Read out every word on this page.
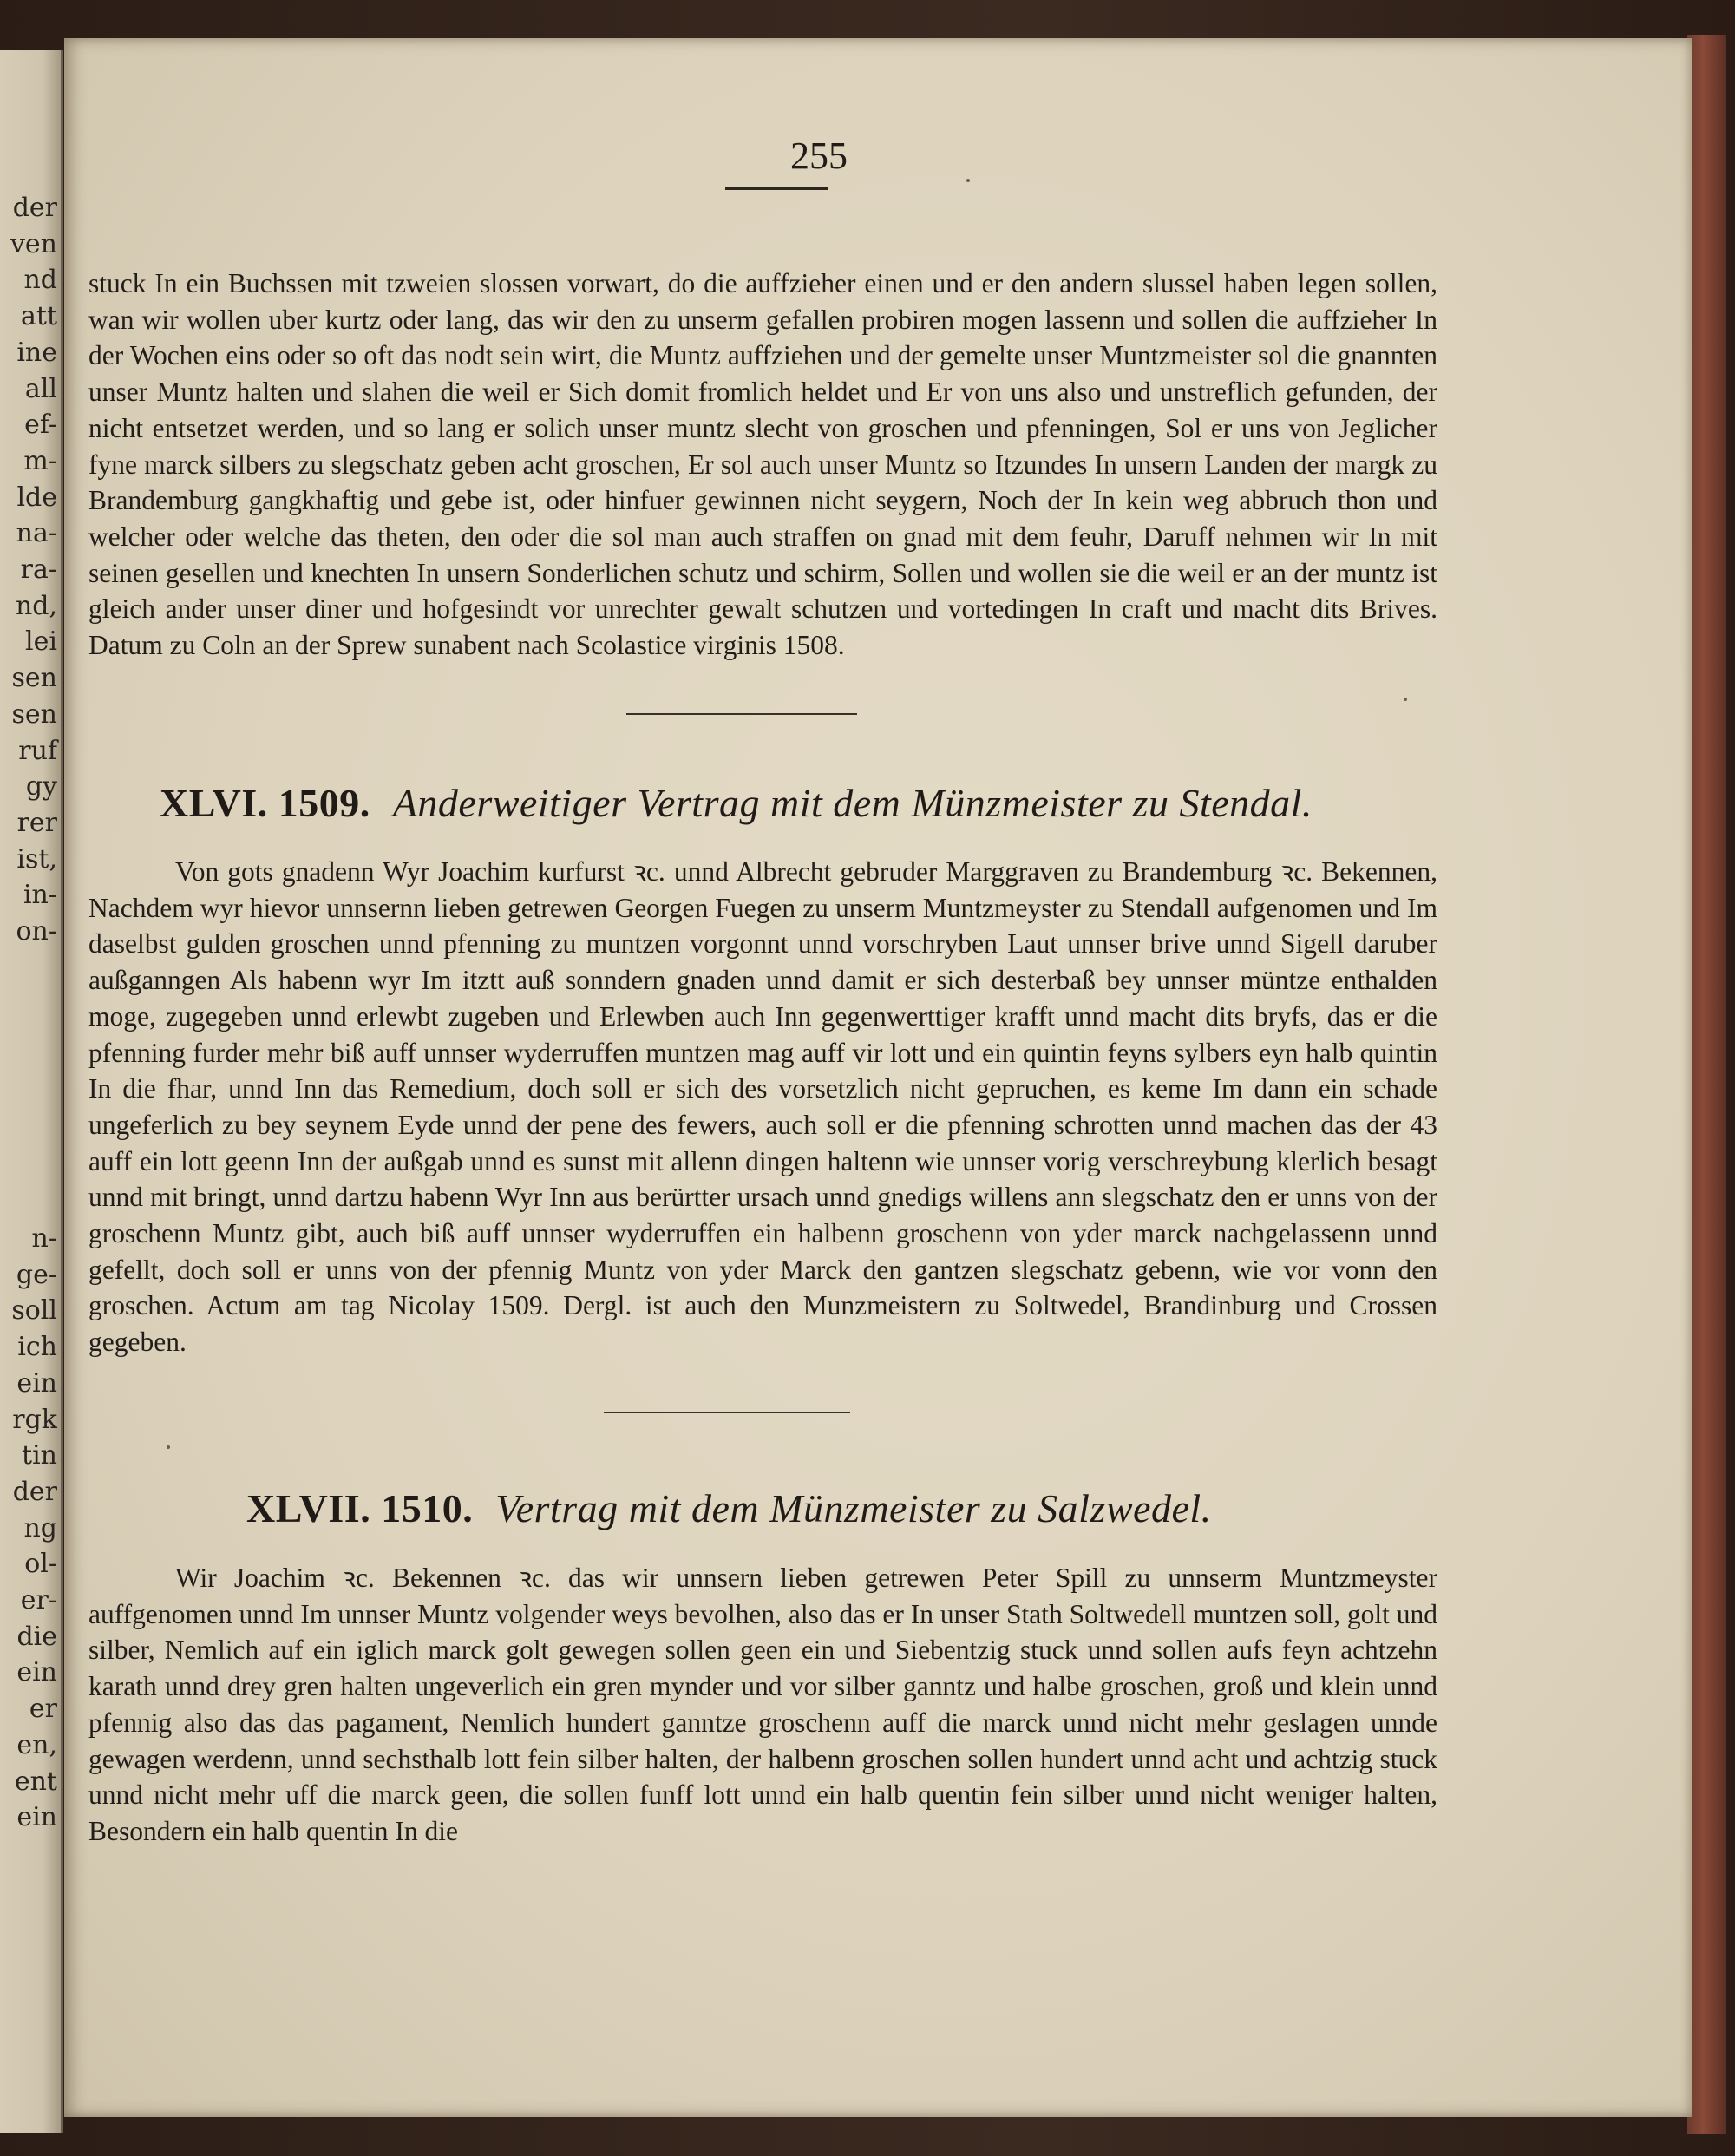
der
ven
nd
att
ine
all
ef-
m-
lde
na-
ra-
nd,
lei
sen
sen
ruf
gy
rer
ist,
in-
on-
n-
ge-
soll
ich
ein
rgk
tin
der
ng
ol-
er-
die
ein
er
en,
ent
ein
255
stuck In ein Buchssen mit tzweien slossen vorwart, do die auffzieher einen und er den andern slussel haben legen sollen, wan wir wollen uber kurtz oder lang, das wir den zu unserm gefallen probiren mogen lassenn und sollen die auffzieher In der Wochen eins oder so oft das nodt sein wirt, die Muntz auffziehen und der gemelte unser Muntzmeister sol die gnannten unser Muntz halten und slahen die weil er Sich domit fromlich heldet und Er von uns also und unstreflich gefunden, der nicht entsetzet werden, und so lang er solich unser muntz slecht von groschen und pfenningen, Sol er uns von Jeglicher fyne marck silbers zu slegschatz geben acht groschen, Er sol auch unser Muntz so Itzundes In unsern Landen der margk zu Brandemburg gangkhaftig und gebe ist, oder hinfuer gewinnen nicht seygern, Noch der In kein weg abbruch thon und welcher oder welche das theten, den oder die sol man auch straffen on gnad mit dem feuhr, Daruff nehmen wir In mit seinen gesellen und knechten In unsern Sonderlichen schutz und schirm, Sollen und wollen sie die weil er an der muntz ist gleich ander unser diner und hofgesindt vor unrechter gewalt schutzen und vortedingen In craft und macht dits Brives. Datum zu Coln an der Sprew sunabent nach Scolastice virginis 1508.
XLVI. 1509. Anderweitiger Vertrag mit dem Münzmeister zu Stendal.
Von gots gnadenn Wyr Joachim kurfurst ꝛc. unnd Albrecht gebruder Marggraven zu Brandemburg ꝛc. Bekennen, Nachdem wyr hievor unnsernn lieben getrewen Georgen Fuegen zu unserm Muntzmeyster zu Stendall aufgenomen und Im daselbst gulden groschen unnd pfenning zu muntzen vorgonnt unnd vorschryben Laut unnser brive unnd Sigell daruber außganngen Als habenn wyr Im itztt auß sonndern gnaden unnd damit er sich desterbaß bey unnser müntze enthalden moge, zugegeben unnd erlewbt zugeben und Erlewben auch Inn gegenwerttiger krafft unnd macht dits bryfs, das er die pfenning furder mehr biß auff unnser wyderruffen muntzen mag auff vir lott und ein quintin feyns sylbers eyn halb quintin In die fhar, unnd Inn das Remedium, doch soll er sich des vorsetzlich nicht gepruchen, es keme Im dann ein schade ungeferlich zu bey seynem Eyde unnd der pene des fewers, auch soll er die pfenning schrotten unnd machen das der 43 auff ein lott geenn Inn der außgab unnd es sunst mit allenn dingen haltenn wie unnser vorig verschreybung klerlich besagt unnd mit bringt, unnd dartzu habenn Wyr Inn aus berürtter ursach unnd gnedigs willens ann slegschatz den er unns von der groschenn Muntz gibt, auch biß auff unnser wyderruffen ein halbenn groschenn von yder marck nachgelassenn unnd gefellt, doch soll er unns von der pfennig Muntz von yder Marck den gantzen slegschatz gebenn, wie vor vonn den groschen. Actum am tag Nicolay 1509. Dergl. ist auch den Munzmeistern zu Soltwedel, Brandinburg und Crossen gegeben.
XLVII. 1510. Vertrag mit dem Münzmeister zu Salzwedel.
Wir Joachim ꝛc. Bekennen ꝛc. das wir unnsern lieben getrewen Peter Spill zu unnserm Muntzmeyster auffgenomen unnd Im unnser Muntz volgender weys bevolhen, also das er In unser Stath Soltwedell muntzen soll, golt und silber, Nemlich auf ein iglich marck golt gewegen sollen geen ein und Siebentzig stuck unnd sollen aufs feyn achtzehn karath unnd drey gren halten ungeverlich ein gren mynder und vor silber ganntz und halbe groschen, groß und klein unnd pfennig also das das pagament, Nemlich hundert ganntze groschenn auff die marck unnd nicht mehr geslagen unnde gewagen werdenn, unnd sechsthalb lott fein silber halten, der halbenn groschen sollen hundert unnd acht und achtzig stuck unnd nicht mehr uff die marck geen, die sollen funff lott unnd ein halb quentin fein silber unnd nicht weniger halten, Besondern ein halb quentin In die
